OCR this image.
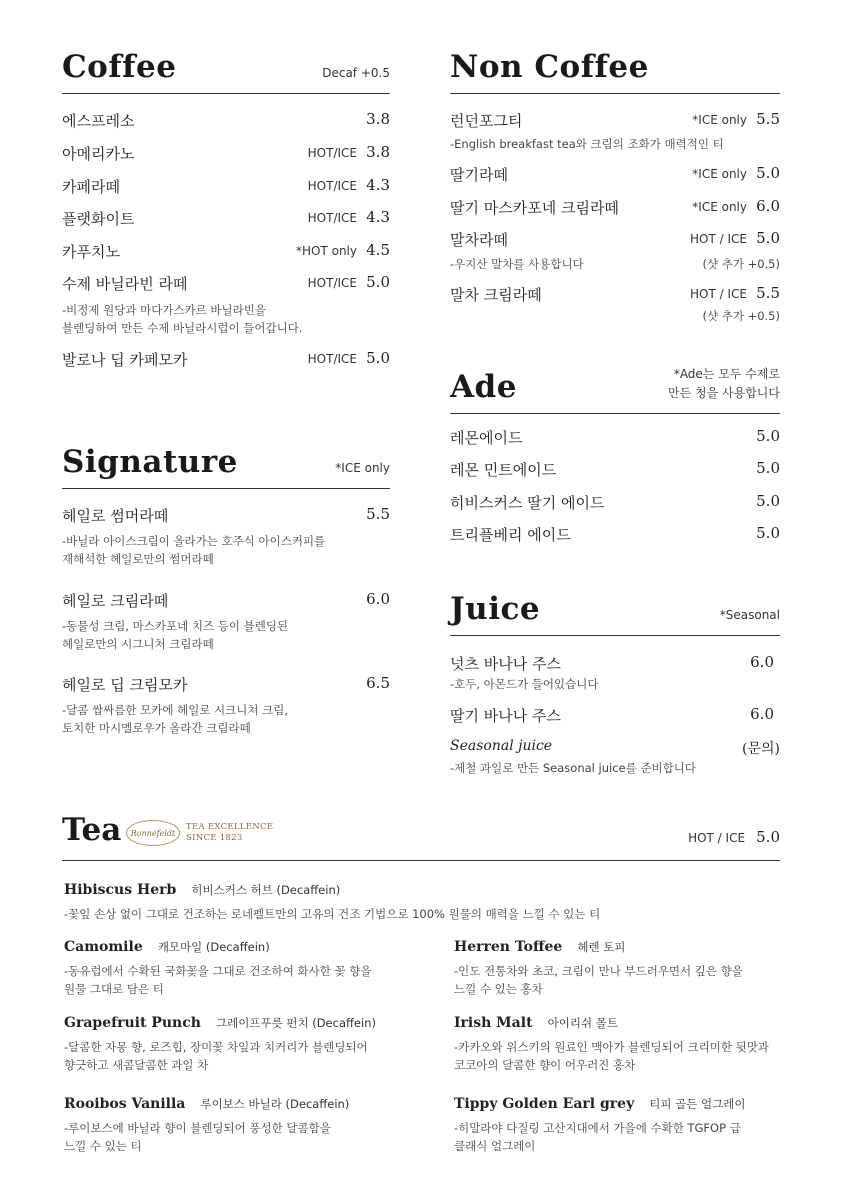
Coffee	Decaf +0.5
에스프레소	3.8
아메리카노	HOT/ICE 3.8
카페라떼	HOT/ICE 4.3
플랫화이트	HOT/ICE 4.3
카푸치노	*HOT only 4.5
수제 바닐라빈 라떼	HOT/ICE 5.0
-비정제 원당과 마다가스카르 바닐라빈을
블렌딩하여 만든 수제 바닐라시럽이 들어갑니다.
발로나 딥 카페모카	HOT/ICE 5.0
Signature	*ICE only
헤일로 썸머라떼	5.5
-바닐라 아이스크림이 올라가는 호주식 아이스커피를
재해석한 헤일로만의 썸머라떼
헤일로 크림라떼	6.0
-동물성 크림, 마스카포네 치즈 등이 블렌딩된
헤일로만의 시그니처 크림라떼
헤일로 딥 크림모카	6.5
-달콤 쌉싸름한 모카에 헤일로 시크니쳐 크림,
토치한 마시멜로우가 올라간 크림라떼
Non Coffee
런던포그티	*ICE only 5.5
-English breakfast tea와 크림의 조화가 매력적인 티
딸기라떼	*ICE only 5.0
딸기 마스카포네 크림라떼	*ICE only 6.0
말차라떼	HOT / ICE 5.0
-우지산 말차를 사용합니다	(샷 추가 +0.5)
말차 크림라떼	HOT / ICE 5.5
(샷 추가 +0.5)
Ade	*Ade는 모두 수제로
만든 청을 사용합니다
레몬에이드	5.0
레몬 민트에이드	5.0
히비스커스 딸기 에이드	5.0
트리플베리 에이드	5.0
Juice	*Seasonal
넛츠 바나나 주스	6.0
-호두, 아몬드가 들어있습니다
딸기 바나나 주스	6.0
Seasonal juice	(문의)
-제철 과일로 만든 Seasonal juice를 준비합니다
Tea	Ronnefeldt
TEA EXCELLENCE
SINCE 1823	HOT / ICE 5.0
Hibiscus Herb 히비스커스 허브 (Decaffein)
-꽃잎 손상 없이 그대로 건조하는 로네펠트만의 고유의 건조 기법으로 100% 원물의 매력을 느낄 수 있는 티
Camomile 캐모마일 (Decaffein)
-동유럽에서 수확된 국화꽃을 그대로 건조하여 화사한 꽃 향을
원물 그대로 담은 티
Herren Toffee 헤렌 토피
-인도 전통차와 초코, 크림이 만나 부드러우면서 깊은 향을
느낄 수 있는 홍차
Grapefruit Punch 그레이프푸릇 펀치 (Decaffein)
-달콤한 자몽 향, 로즈힙, 장미꽃 차잎과 치커리가 블렌딩되어
향긋하고 새콤달콤한 과일 차
Irish Malt 아이리쉬 몰트
-카카오와 위스키의 원료인 맥아가 블렌딩되어 크리미한 뒷맛과
코코아의 달콤한 향이 어우러진 홍차
Rooibos Vanilla 루이보스 바닐라 (Decaffein)
-루이보스에 바닐라 향이 블렌딩되어 풍성한 달콤함을
느낄 수 있는 티
Tippy Golden Earl grey 티피 골든 얼그레이
-히말라야 다질링 고산지대에서 가을에 수확한 TGFOP 급
클래식 얼그레이
